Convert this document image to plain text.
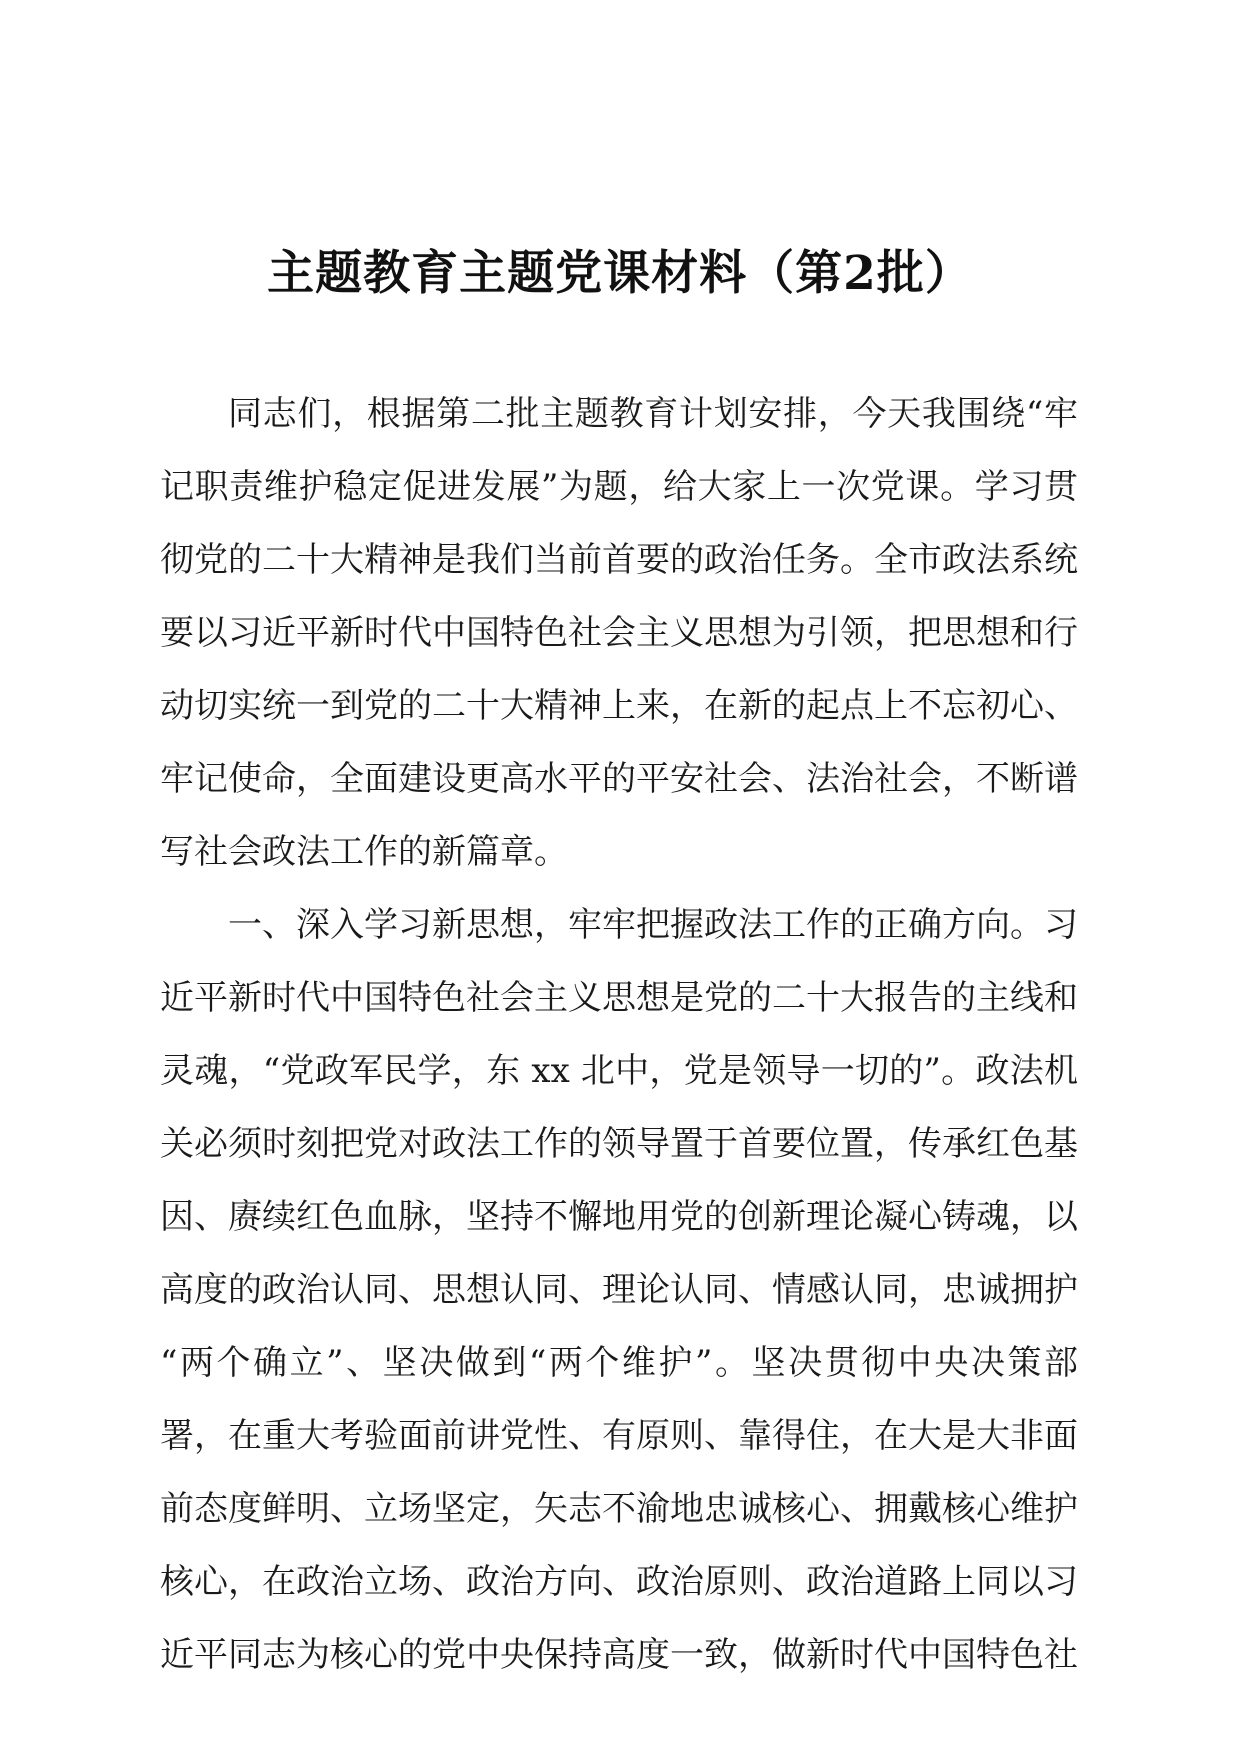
主题教育主题党课材料（第2批）
同志们，根据第二批主题教育计划安排，今天我围绕“牢
记职责维护稳定促进发展”为题，给大家上一次党课。学习贯
彻党的二十大精神是我们当前首要的政治任务。全市政法系统
要以习近平新时代中国特色社会主义思想为引领，把思想和行
动切实统一到党的二十大精神上来，在新的起点上不忘初心、
牢记使命，全面建设更高水平的平安社会、法治社会，不断谱
写社会政法工作的新篇章。
一、深入学习新思想，牢牢把握政法工作的正确方向。习
近平新时代中国特色社会主义思想是党的二十大报告的主线和
灵魂，“党政军民学，东 xx 北中，党是领导一切的”。政法机
关必须时刻把党对政法工作的领导置于首要位置，传承红色基
因、赓续红色血脉，坚持不懈地用党的创新理论凝心铸魂，以
高度的政治认同、思想认同、理论认同、情感认同，忠诚拥护
“两个确立”、坚决做到“两个维护”。坚决贯彻中央决策部
署，在重大考验面前讲党性、有原则、靠得住，在大是大非面
前态度鲜明、立场坚定，矢志不渝地忠诚核心、拥戴核心维护
核心，在政治立场、政治方向、政治原则、政治道路上同以习
近平同志为核心的党中央保持高度一致，做新时代中国特色社
